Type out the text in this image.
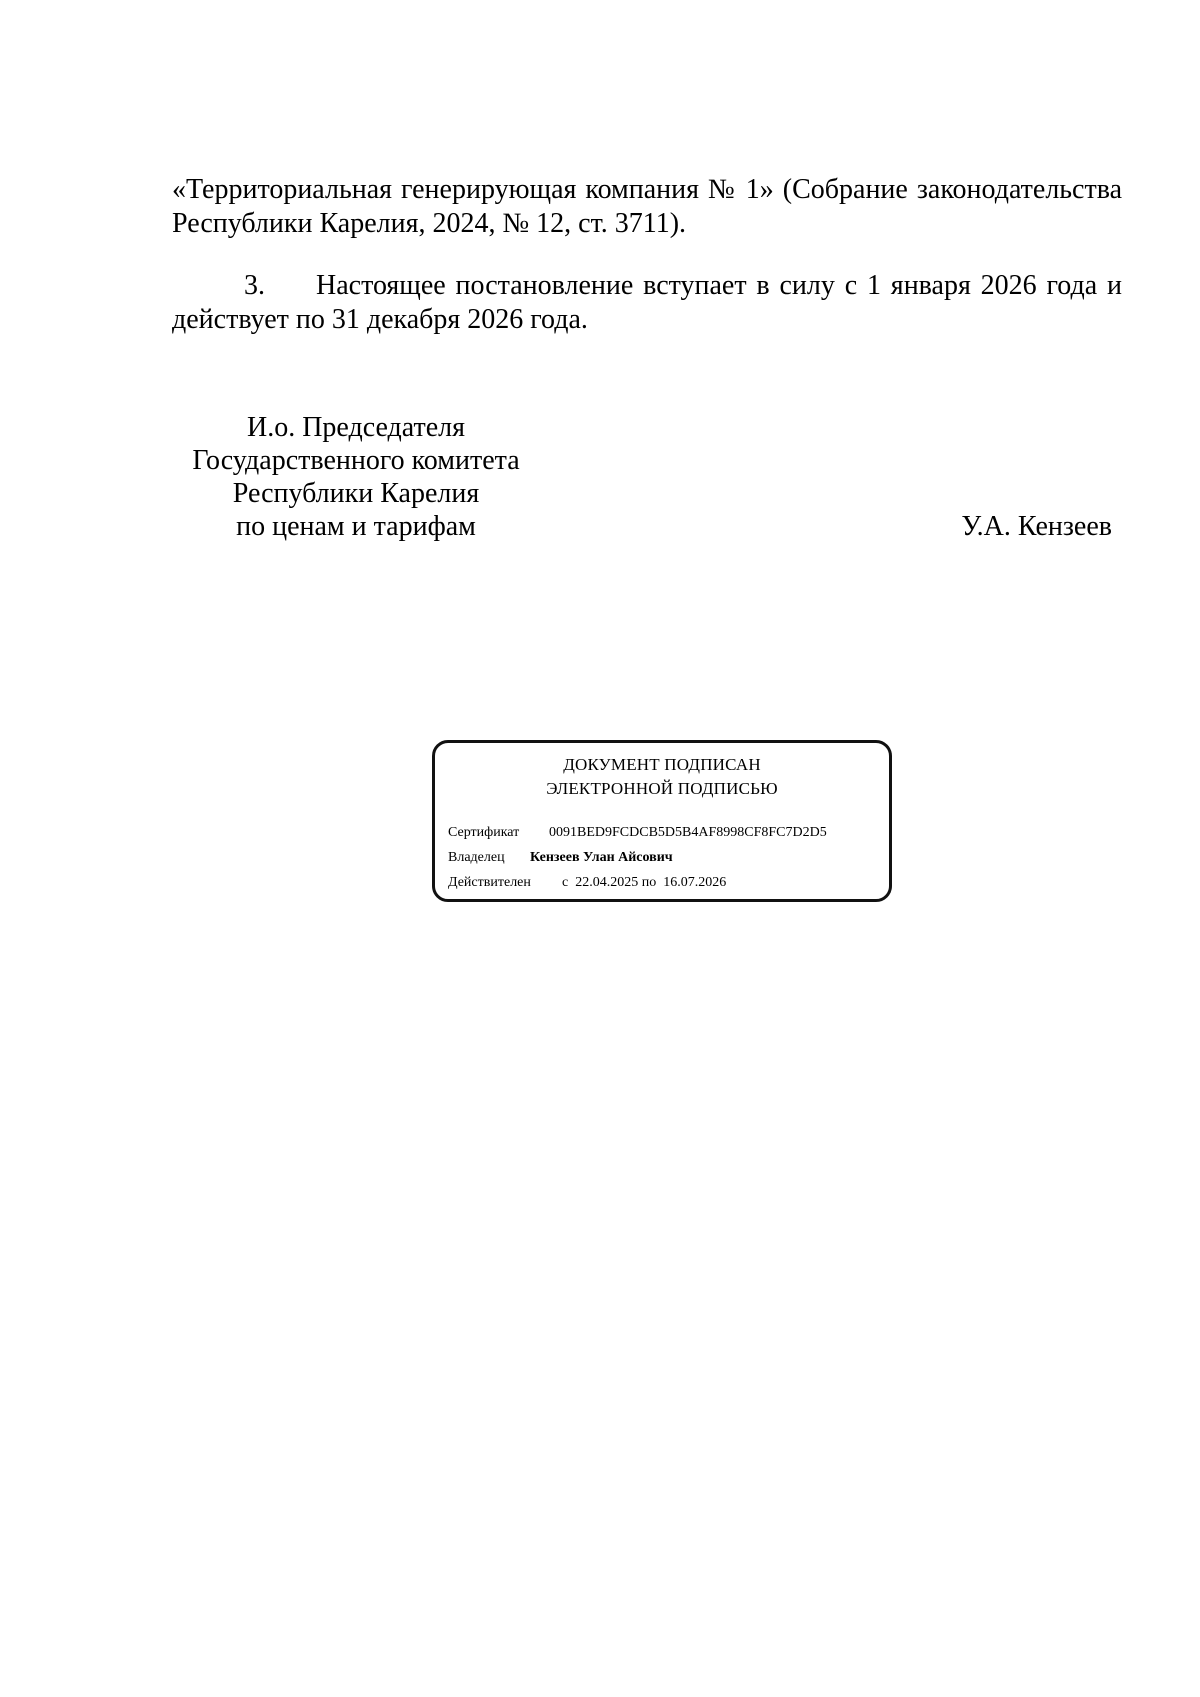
«Территориальная генерирующая компания № 1» (Собрание законодательства Республики Карелия, 2024, № 12, ст. 3711).
3. Настоящее постановление вступает в силу с 1 января 2026 года и действует по 31 декабря 2026 года.
И.о. Председателя
Государственного комитета
Республики Карелия
по ценам и тарифам	У.А. Кензеев
ДОКУМЕНТ ПОДПИСАН
ЭЛЕКТРОННОЙ ПОДПИСЬЮ
Сертификат 0091BED9FCDCB5D5B4AF8998CF8FC7D2D5
Владелец Кензеев Улан Айсович
Действителен с  22.04.2025 по  16.07.2026
